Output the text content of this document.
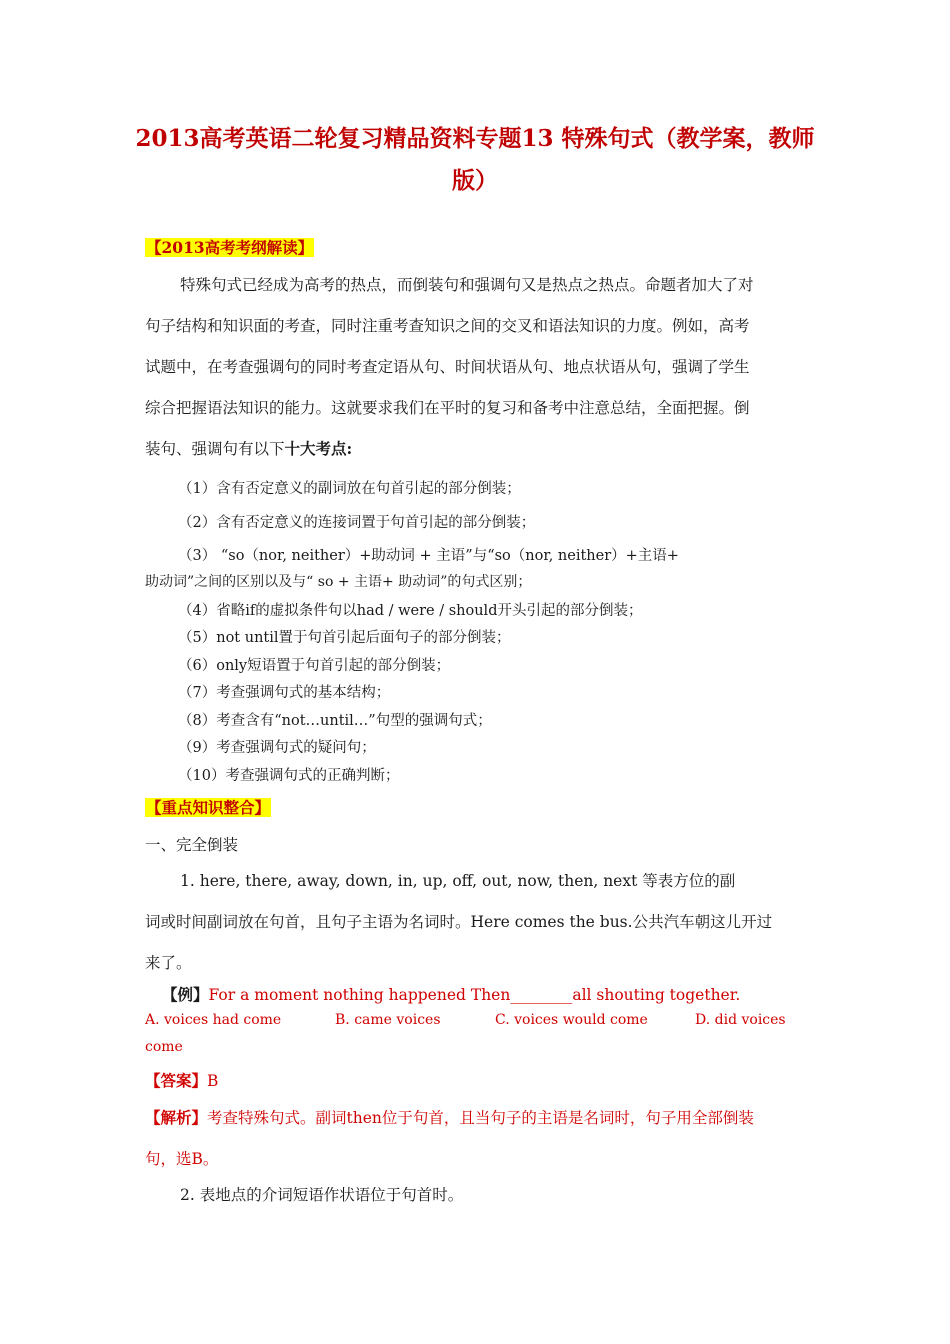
2013高考英语二轮复习精品资料专题13 特殊句式（教学案，教师
版）
【2013高考考纲解读】
特殊句式已经成为高考的热点，而倒装句和强调句又是热点之热点。命题者加大了对
句子结构和知识面的考查，同时注重考查知识之间的交叉和语法知识的力度。例如，高考
试题中，在考查强调句的同时考查定语从句、时间状语从句、地点状语从句，强调了学生
综合把握语法知识的能力。这就要求我们在平时的复习和备考中注意总结，全面把握。倒
装句、强调句有以下十大考点:
（1）含有否定意义的副词放在句首引起的部分倒装；
（2）含有否定意义的连接词置于句首引起的部分倒装；
（3） “so（nor, neither）+助动词 + 主语”与“so（nor, neither）+主语+
助动词”之间的区别以及与“ so + 主语+ 助动词”的句式区别；
（4）省略if的虚拟条件句以had / were / should开头引起的部分倒装；
（5）not until置于句首引起后面句子的部分倒装；
（6）only短语置于句首引起的部分倒装；
（7）考查强调句式的基本结构；
（8）考查含有“not…until…”句型的强调句式；
（9）考查强调句式的疑问句；
（10）考查强调句式的正确判断；
【重点知识整合】
一、完全倒装
1. here, there, away, down, in, up, off, out, now, then, next 等表方位的副
词或时间副词放在句首，且句子主语为名词时。Here comes the bus.公共汽车朝这儿开过
来了。
【例】For a moment nothing happened Then________all shouting together.
A. voices had come	B. came voices	C. voices would come	D. did voices
come
【答案】B
【解析】考查特殊句式。副词then位于句首，且当句子的主语是名词时，句子用全部倒装
句，选B。
2. 表地点的介词短语作状语位于句首时。
